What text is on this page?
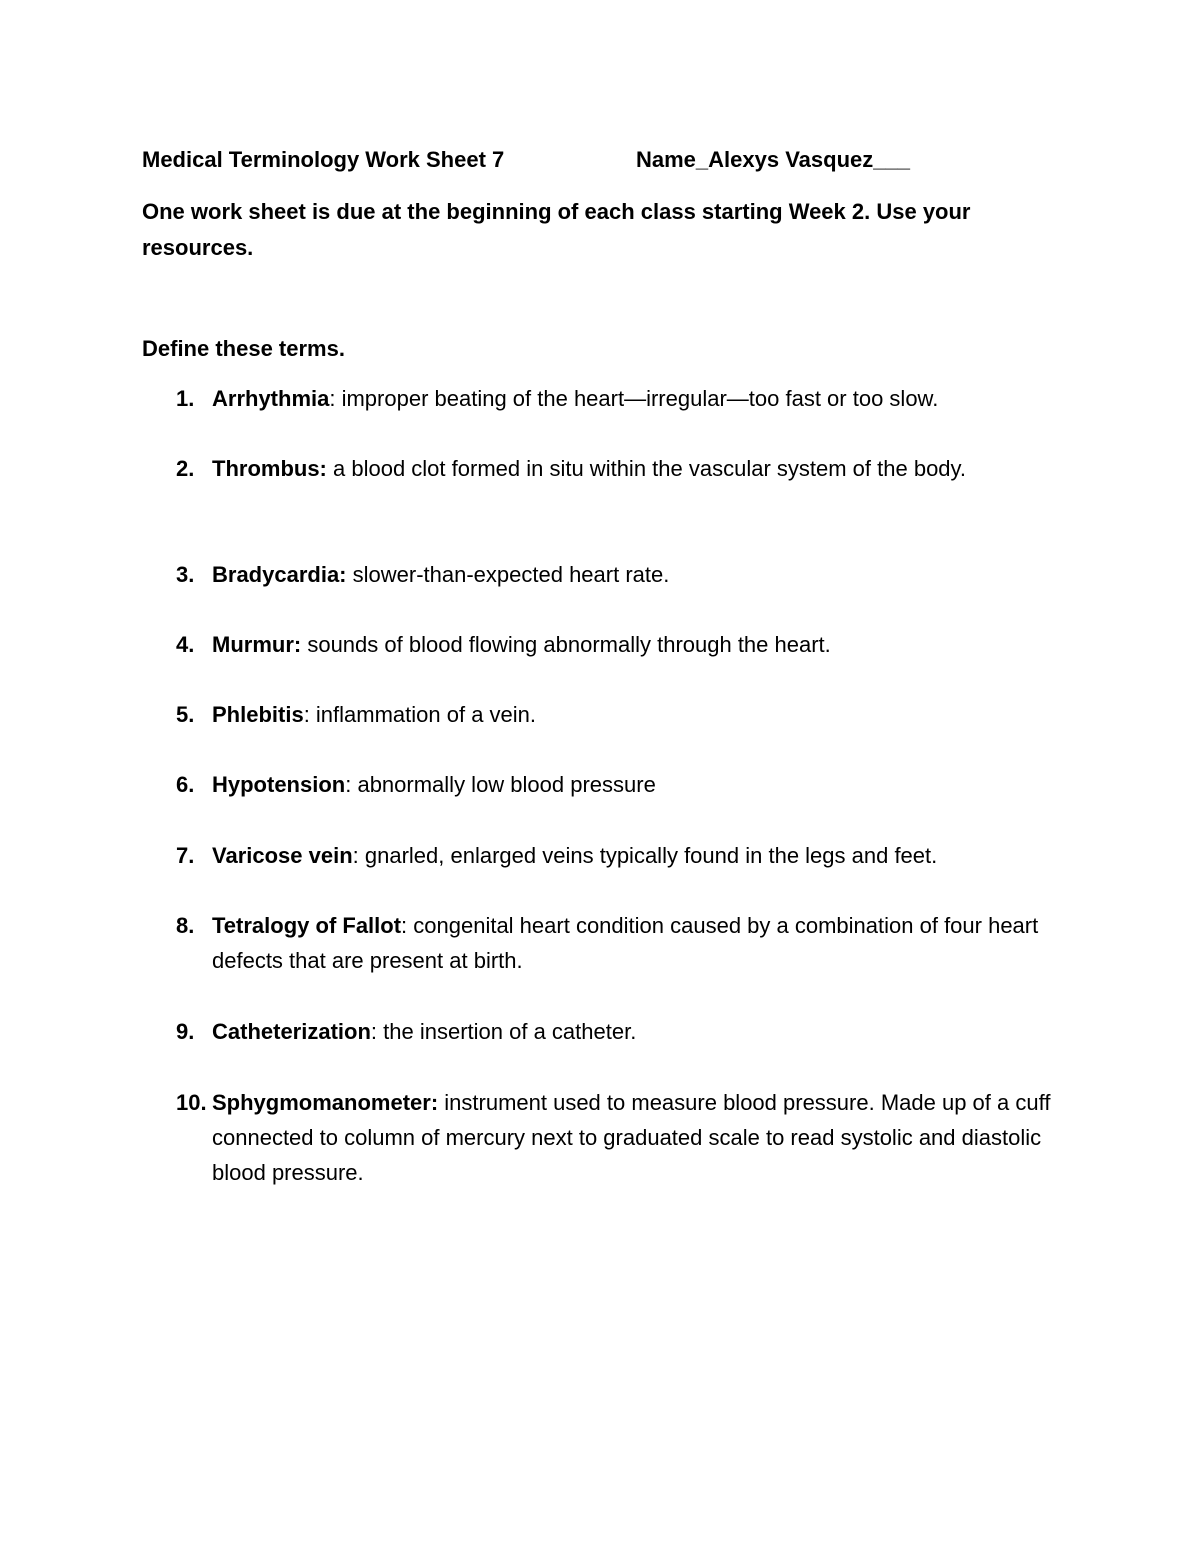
Medical Terminology Work Sheet 7	Name_Alexys Vasquez___
One work sheet is due at the beginning of each class starting Week 2. Use your resources.
Define these terms.
1. Arrhythmia: improper beating of the heart—irregular—too fast or too slow.
2. Thrombus: a blood clot formed in situ within the vascular system of the body.
3. Bradycardia: slower-than-expected heart rate.
4. Murmur: sounds of blood flowing abnormally through the heart.
5. Phlebitis: inflammation of a vein.
6. Hypotension: abnormally low blood pressure
7. Varicose vein: gnarled, enlarged veins typically found in the legs and feet.
8. Tetralogy of Fallot: congenital heart condition caused by a combination of four heart defects that are present at birth.
9. Catheterization: the insertion of a catheter.
10. Sphygmomanometer: instrument used to measure blood pressure. Made up of a cuff connected to column of mercury next to graduated scale to read systolic and diastolic blood pressure.
